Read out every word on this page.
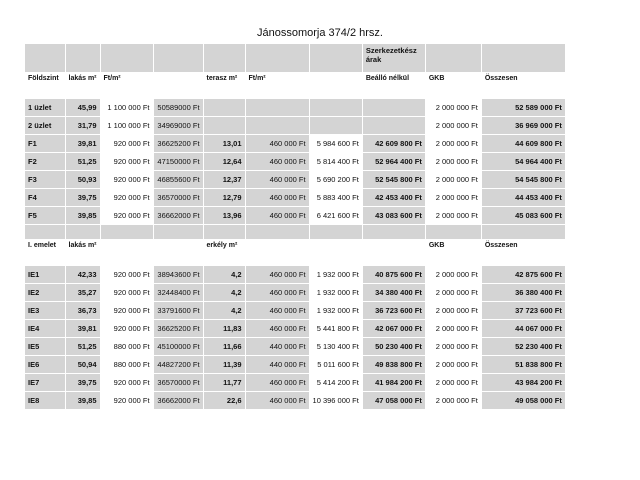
Jánossomorja 374/2 hrsz.
							Szerkezetkész árak		
Földszint	lakás m²	Ft/m²		terasz m²	Ft/m²		Beálló nélkül	GKB	Összesen
1 üzlet	45,99	1 100 000 Ft	50589000 Ft					2 000 000 Ft	52 589 000 Ft
2 üzlet	31,79	1 100 000 Ft	34969000 Ft					2 000 000 Ft	36 969 000 Ft
F1	39,81	920 000 Ft	36625200 Ft	13,01	460 000 Ft	5 984 600 Ft	42 609 800 Ft	2 000 000 Ft	44 609 800 Ft
F2	51,25	920 000 Ft	47150000 Ft	12,64	460 000 Ft	5 814 400 Ft	52 964 400 Ft	2 000 000 Ft	54 964 400 Ft
F3	50,93	920 000 Ft	46855600 Ft	12,37	460 000 Ft	5 690 200 Ft	52 545 800 Ft	2 000 000 Ft	54 545 800 Ft
F4	39,75	920 000 Ft	36570000 Ft	12,79	460 000 Ft	5 883 400 Ft	42 453 400 Ft	2 000 000 Ft	44 453 400 Ft
F5	39,85	920 000 Ft	36662000 Ft	13,96	460 000 Ft	6 421 600 Ft	43 083 600 Ft	2 000 000 Ft	45 083 600 Ft

I. emelet	lakás m²			erkély m²				GKB	Összesen
IE1	42,33	920 000 Ft	38943600 Ft	4,2	460 000 Ft	1 932 000 Ft	40 875 600 Ft	2 000 000 Ft	42 875 600 Ft
IE2	35,27	920 000 Ft	32448400 Ft	4,2	460 000 Ft	1 932 000 Ft	34 380 400 Ft	2 000 000 Ft	36 380 400 Ft
IE3	36,73	920 000 Ft	33791600 Ft	4,2	460 000 Ft	1 932 000 Ft	36 723 600 Ft	2 000 000 Ft	37 723 600 Ft
IE4	39,81	920 000 Ft	36625200 Ft	11,83	460 000 Ft	5 441 800 Ft	42 067 000 Ft	2 000 000 Ft	44 067 000 Ft
IE5	51,25	880 000 Ft	45100000 Ft	11,66	440 000 Ft	5 130 400 Ft	50 230 400 Ft	2 000 000 Ft	52 230 400 Ft
IE6	50,94	880 000 Ft	44827200 Ft	11,39	440 000 Ft	5 011 600 Ft	49 838 800 Ft	2 000 000 Ft	51 838 800 Ft
IE7	39,75	920 000 Ft	36570000 Ft	11,77	460 000 Ft	5 414 200 Ft	41 984 200 Ft	2 000 000 Ft	43 984 200 Ft
IE8	39,85	920 000 Ft	36662000 Ft	22,6	460 000 Ft	10 396 000 Ft	47 058 000 Ft	2 000 000 Ft	49 058 000 Ft
